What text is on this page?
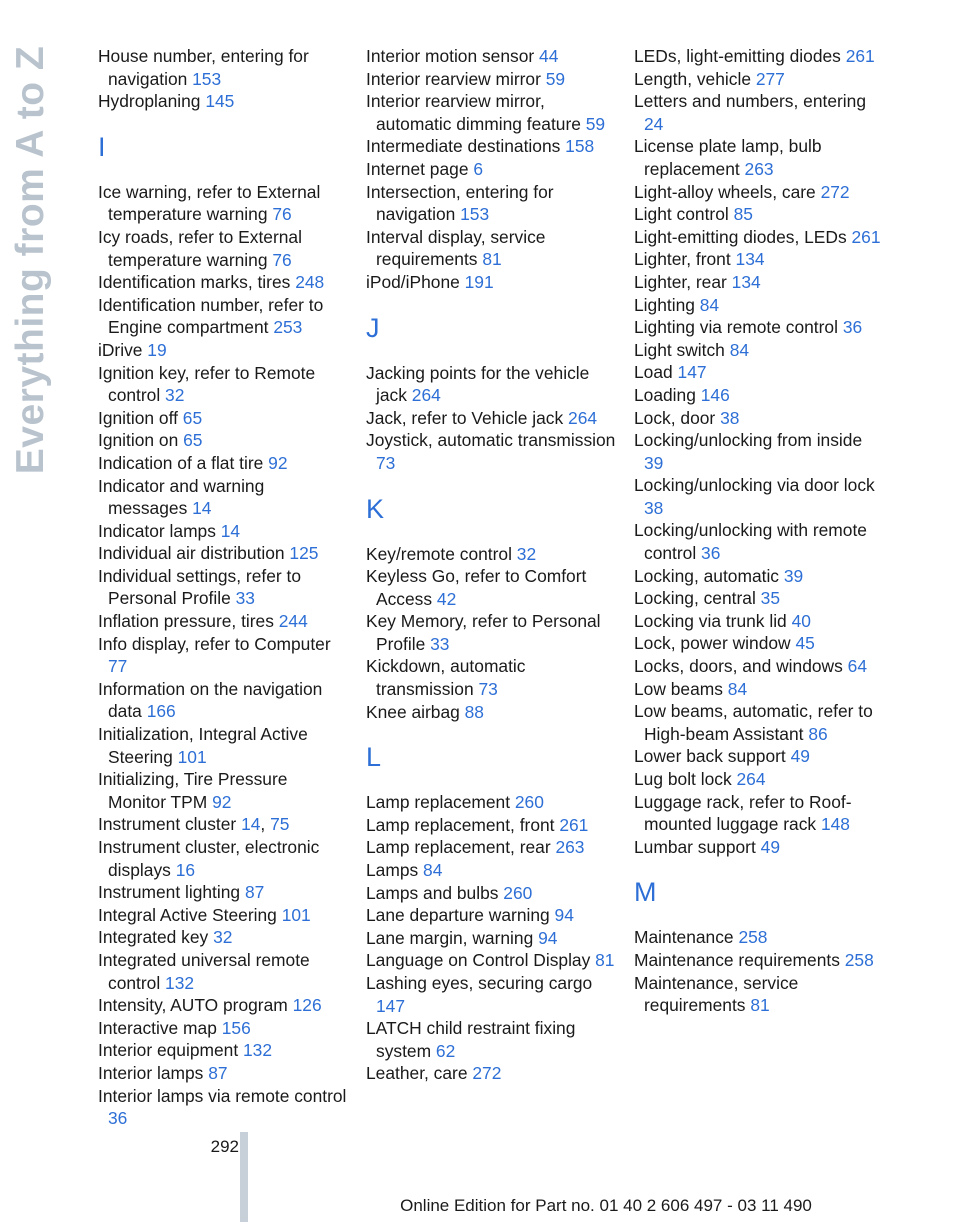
Everything from A to Z	House number, entering for navigation 153
Hydroplaning 145
I
Ice warning, refer to External temperature warning 76
Icy roads, refer to External temperature warning 76
Identification marks, tires 248
Identification number, refer to Engine compartment 253
iDrive 19
Ignition key, refer to Remote control 32
Ignition off 65
Ignition on 65
Indication of a flat tire 92
Indicator and warning messages 14
Indicator lamps 14
Individual air distribution 125
Individual settings, refer to Personal Profile 33
Inflation pressure, tires 244
Info display, refer to Computer 77
Information on the navigation data 166
Initialization, Integral Active Steering 101
Initializing, Tire Pressure Monitor TPM 92
Instrument cluster 14, 75
Instrument cluster, electronic displays 16
Instrument lighting 87
Integral Active Steering 101
Integrated key 32
Integrated universal remote control 132
Intensity, AUTO program 126
Interactive map 156
Interior equipment 132
Interior lamps 87
Interior lamps via remote control 36
Interior motion sensor 44
Interior rearview mirror 59
Interior rearview mirror, automatic dimming feature 59
Intermediate destinations 158
Internet page 6
Intersection, entering for navigation 153
Interval display, service requirements 81
iPod/iPhone 191
J
Jacking points for the vehicle jack 264
Jack, refer to Vehicle jack 264
Joystick, automatic transmission 73
K
Key/remote control 32
Keyless Go, refer to Comfort Access 42
Key Memory, refer to Personal Profile 33
Kickdown, automatic transmission 73
Knee airbag 88
L
Lamp replacement 260
Lamp replacement, front 261
Lamp replacement, rear 263
Lamps 84
Lamps and bulbs 260
Lane departure warning 94
Lane margin, warning 94
Language on Control Display 81
Lashing eyes, securing cargo 147
LATCH child restraint fixing system 62
Leather, care 272
LEDs, light-emitting diodes 261
Length, vehicle 277
Letters and numbers, entering 24
License plate lamp, bulb replacement 263
Light-alloy wheels, care 272
Light control 85
Light-emitting diodes, LEDs 261
Lighter, front 134
Lighter, rear 134
Lighting 84
Lighting via remote control 36
Light switch 84
Load 147
Loading 146
Lock, door 38
Locking/unlocking from inside 39
Locking/unlocking via door lock 38
Locking/unlocking with remote control 36
Locking, automatic 39
Locking, central 35
Locking via trunk lid 40
Lock, power window 45
Locks, doors, and windows 64
Low beams 84
Low beams, automatic, refer to High-beam Assistant 86
Lower back support 49
Lug bolt lock 264
Luggage rack, refer to Roof-mounted luggage rack 148
Lumbar support 49
M
Maintenance 258
Maintenance requirements 258
Maintenance, service requirements 81
292
Online Edition for Part no. 01 40 2 606 497 - 03 11 490
